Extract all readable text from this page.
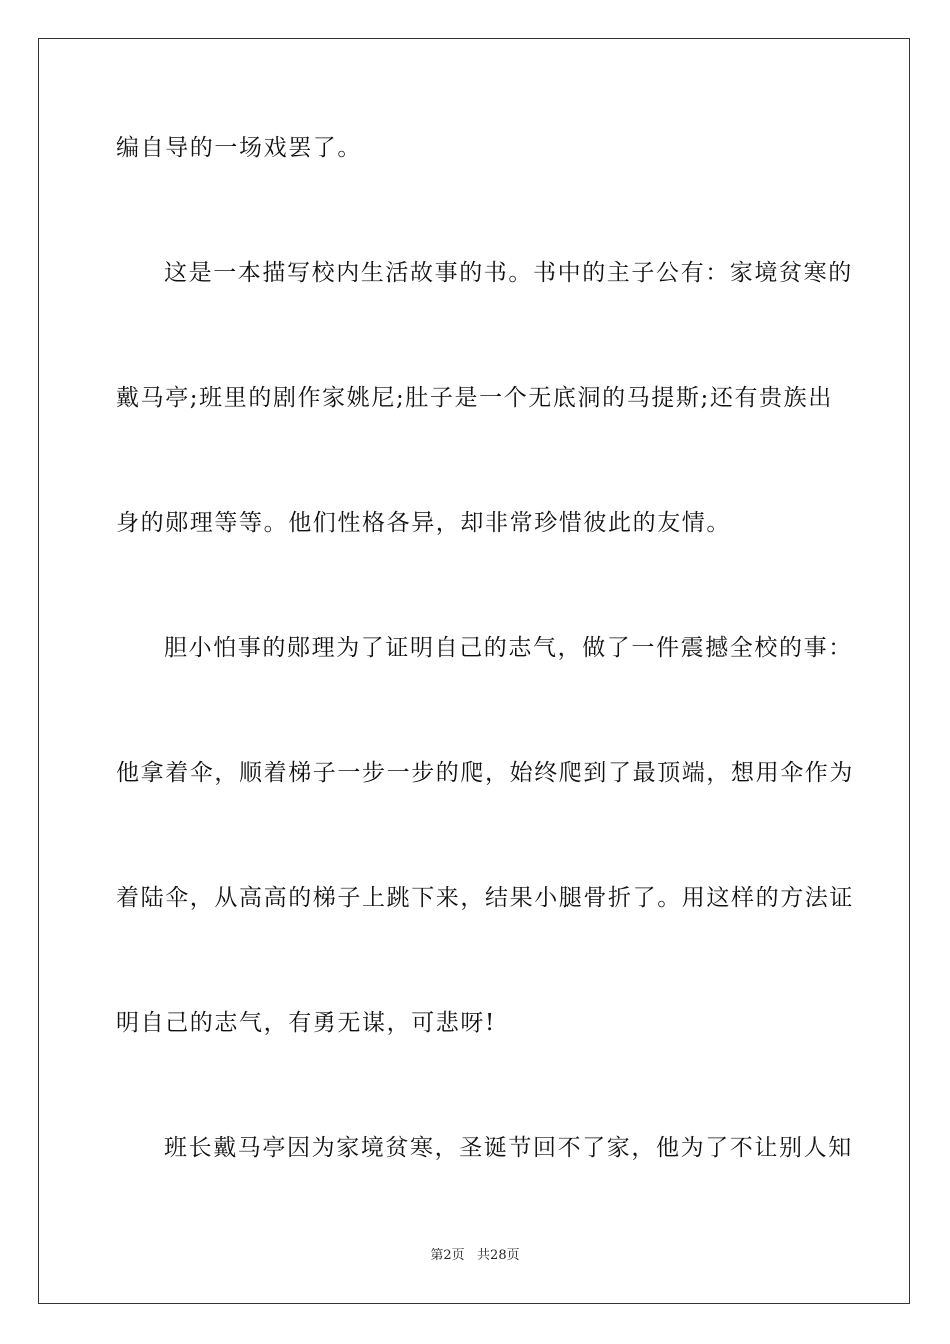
编自导的一场戏罢了。
这是一本描写校内生活故事的书。书中的主子公有：家境贫寒的
戴马亭;班里的剧作家姚尼;肚子是一个无底洞的马提斯;还有贵族出
身的郧理等等。他们性格各异，却非常珍惜彼此的友情。
胆小怕事的郧理为了证明自己的志气，做了一件震撼全校的事：
他拿着伞，顺着梯子一步一步的爬，始终爬到了最顶端，想用伞作为
着陆伞，从高高的梯子上跳下来，结果小腿骨折了。用这样的方法证
明自己的志气，有勇无谋，可悲呀!
班长戴马亭因为家境贫寒，圣诞节回不了家，他为了不让别人知
第2页   共28页
